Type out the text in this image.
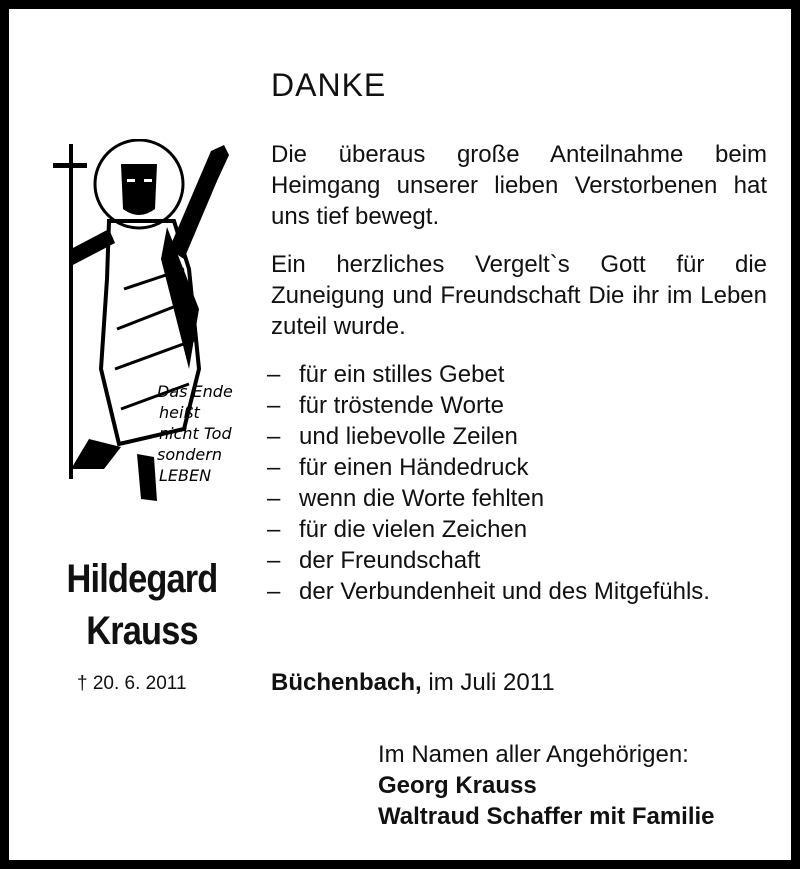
Das Ende
heißt
nicht Tod
sondern
LEBEN
Hildegard
Krauss
† 20. 6. 2011
DANKE

Die überaus große Anteilnahme beim Heimgang unserer lieben Verstorbenen hat uns tief bewegt.

Ein herzliches Vergelt`s Gott für die Zuneigung und Freundschaft Die ihr im Leben zuteil wurde.

– für ein stilles Gebet
– für tröstende Worte
– und liebevolle Zeilen
– für einen Händedruck
– wenn die Worte fehlten
– für die vielen Zeichen
– der Freundschaft
– der Verbundenheit und des Mitgefühls.

Büchenbach, im Juli 2011

Im Namen aller Angehörigen:
Georg Krauss
Waltraud Schaffer mit Familie
